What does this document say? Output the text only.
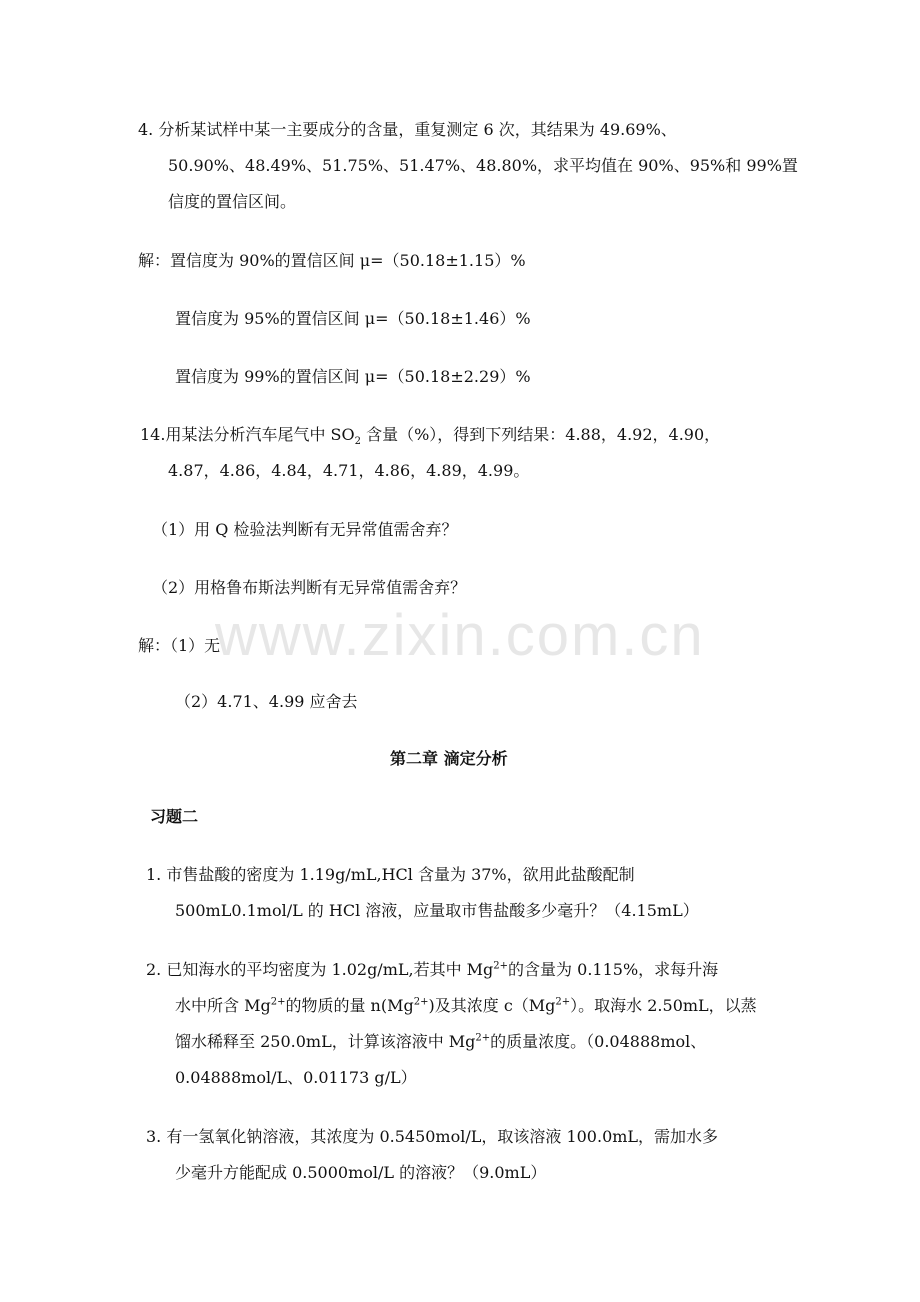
www.zixin.com.cn
4. 分析某试样中某一主要成分的含量，重复测定 6 次，其结果为 49.69%、
50.90%、48.49%、51.75%、51.47%、48.80%，求平均值在 90%、95%和 99%置
信度的置信区间。
解：置信度为 90%的置信区间 μ=（50.18±1.15）%
置信度为 95%的置信区间 μ=（50.18±1.46）%
置信度为 99%的置信区间 μ=（50.18±2.29）%
14.用某法分析汽车尾气中 $SO_2$ 含量（%），得到下列结果：4.88，4.92，4.90，
4.87，4.86，4.84，4.71，4.86，4.89，4.99。
（1）用 Q 检验法判断有无异常值需舍弃？
（2）用格鲁布斯法判断有无异常值需舍弃？
解：（1）无
（2）4.71、4.99 应舍去
第二章 滴定分析
习题二
1. 市售盐酸的密度为 1.19g/mL,HCl 含量为 37%，欲用此盐酸配制
500mL0.1mol/L 的 HCl 溶液，应量取市售盐酸多少毫升？（4.15mL）
2. 已知海水的平均密度为 1.02g/mL,若其中 $Mg^{2+}$的含量为 0.115%，求每升海
水中所含 $Mg^{2+}$的物质的量 $n(Mg^{2+})$及其浓度 $c(Mg^{2+})$。取海水 2.50mL，以蒸
馏水稀释至 250.0mL，计算该溶液中 $Mg^{2+}$的质量浓度。（0.04888mol、
0.04888mol/L、0.01173 g/L）
3. 有一氢氧化钠溶液，其浓度为 0.5450mol/L，取该溶液 100.0mL，需加水多
少毫升方能配成 0.5000mol/L 的溶液？（9.0mL）
